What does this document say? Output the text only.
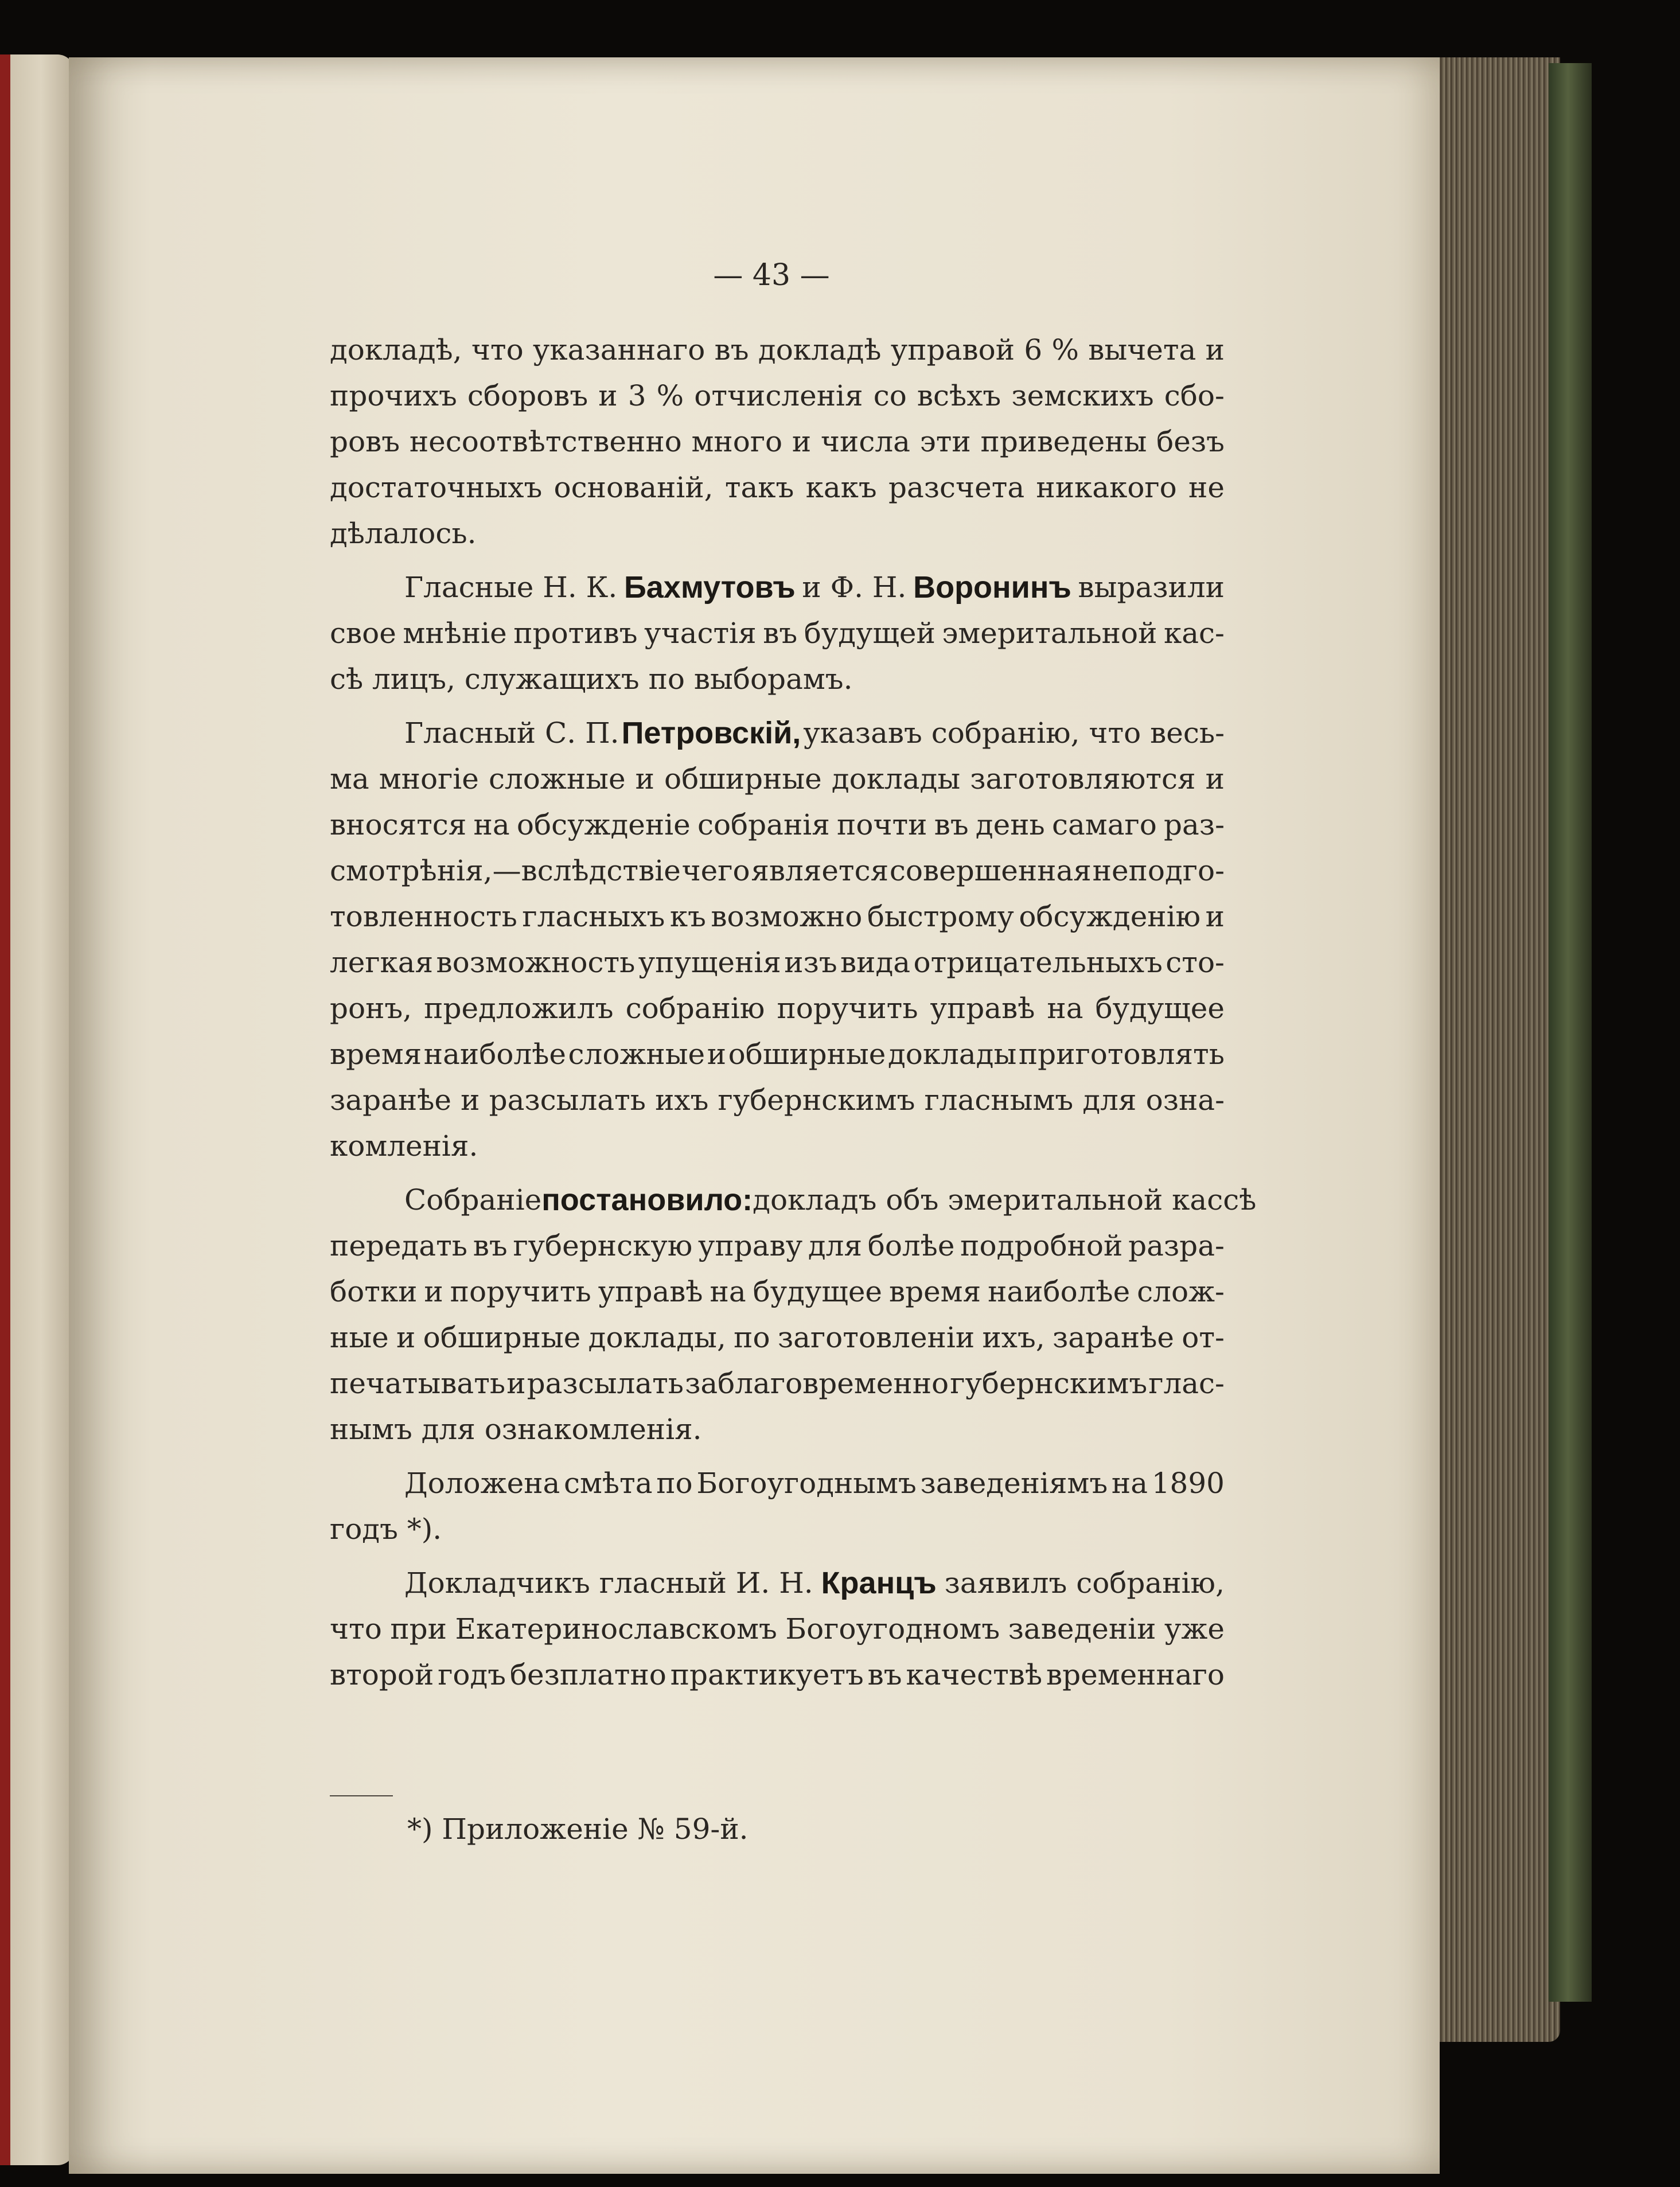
— 43 —
докладѣ, что указаннаго въ докладѣ управой 6 % вычета и
прочихъ сборовъ и 3 % отчисленія со всѣхъ земскихъ сбо-
ровъ несоотвѣтственно много и числа эти приведены безъ
достаточныхъ основаній, такъ какъ разсчета никакого не
дѣлалось.
Гласные Н. К. Бахмутовъ и Ф. Н. Воронинъ выразили
свое мнѣніе противъ участія въ будущей эмеритальной кас-
сѣ лицъ, служащихъ по выборамъ.
Гласный С. П. Петровскій, указавъ собранію, что весь-
ма многіе сложные и обширные доклады заготовляются и
вносятся на обсужденіе собранія почти въ день самаго раз-
смотрѣнія,—вслѣдствіе чего является совершенная неподго-
товленность гласныхъ къ возможно быстрому обсужденію и
легкая возможность упущенія изъ вида отрицательныхъ сто-
ронъ, предложилъ собранію поручить управѣ на будущее
время наиболѣе сложные и обширные доклады приготовлять
заранѣе и разсылать ихъ губернскимъ гласнымъ для озна-
комленія.
Собраніе постановило: докладъ объ эмеритальной кассѣ
передать въ губернскую управу для болѣе подробной разра-
ботки и поручить управѣ на будущее время наиболѣе слож-
ные и обширные доклады, по заготовленіи ихъ, заранѣе от-
печатывать и разсылать заблаговременно губернскимъ глас-
нымъ для ознакомленія.
Доложена смѣта по Богоугоднымъ заведеніямъ на 1890
годъ *).
Докладчикъ гласный И. Н. Кранцъ заявилъ собранію,
что при Екатеринославскомъ Богоугодномъ заведеніи уже
второй годъ безплатно практикуетъ въ качествѣ временнаго
*) Приложеніе № 59-й.
